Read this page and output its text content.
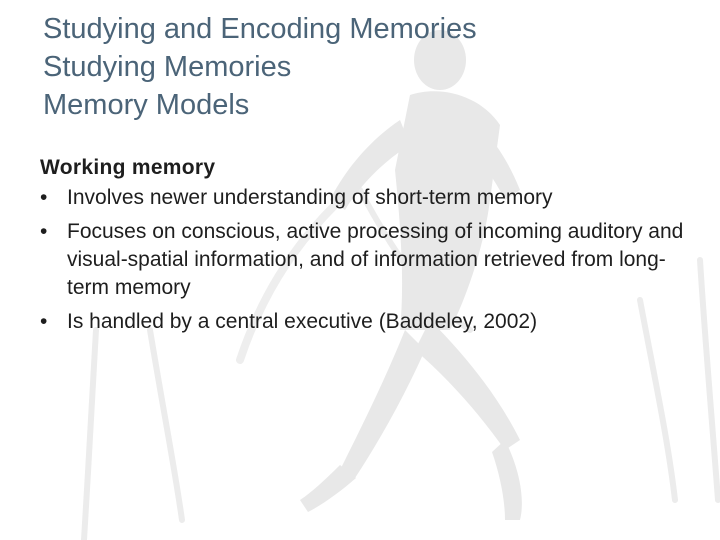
Studying and Encoding Memories
Studying Memories
Memory Models
Working memory
• Involves newer understanding of short-term memory
• Focuses on conscious, active processing of incoming auditory and visual-spatial information, and of information retrieved from long-term memory
• Is handled by a central executive (Baddeley, 2002)
